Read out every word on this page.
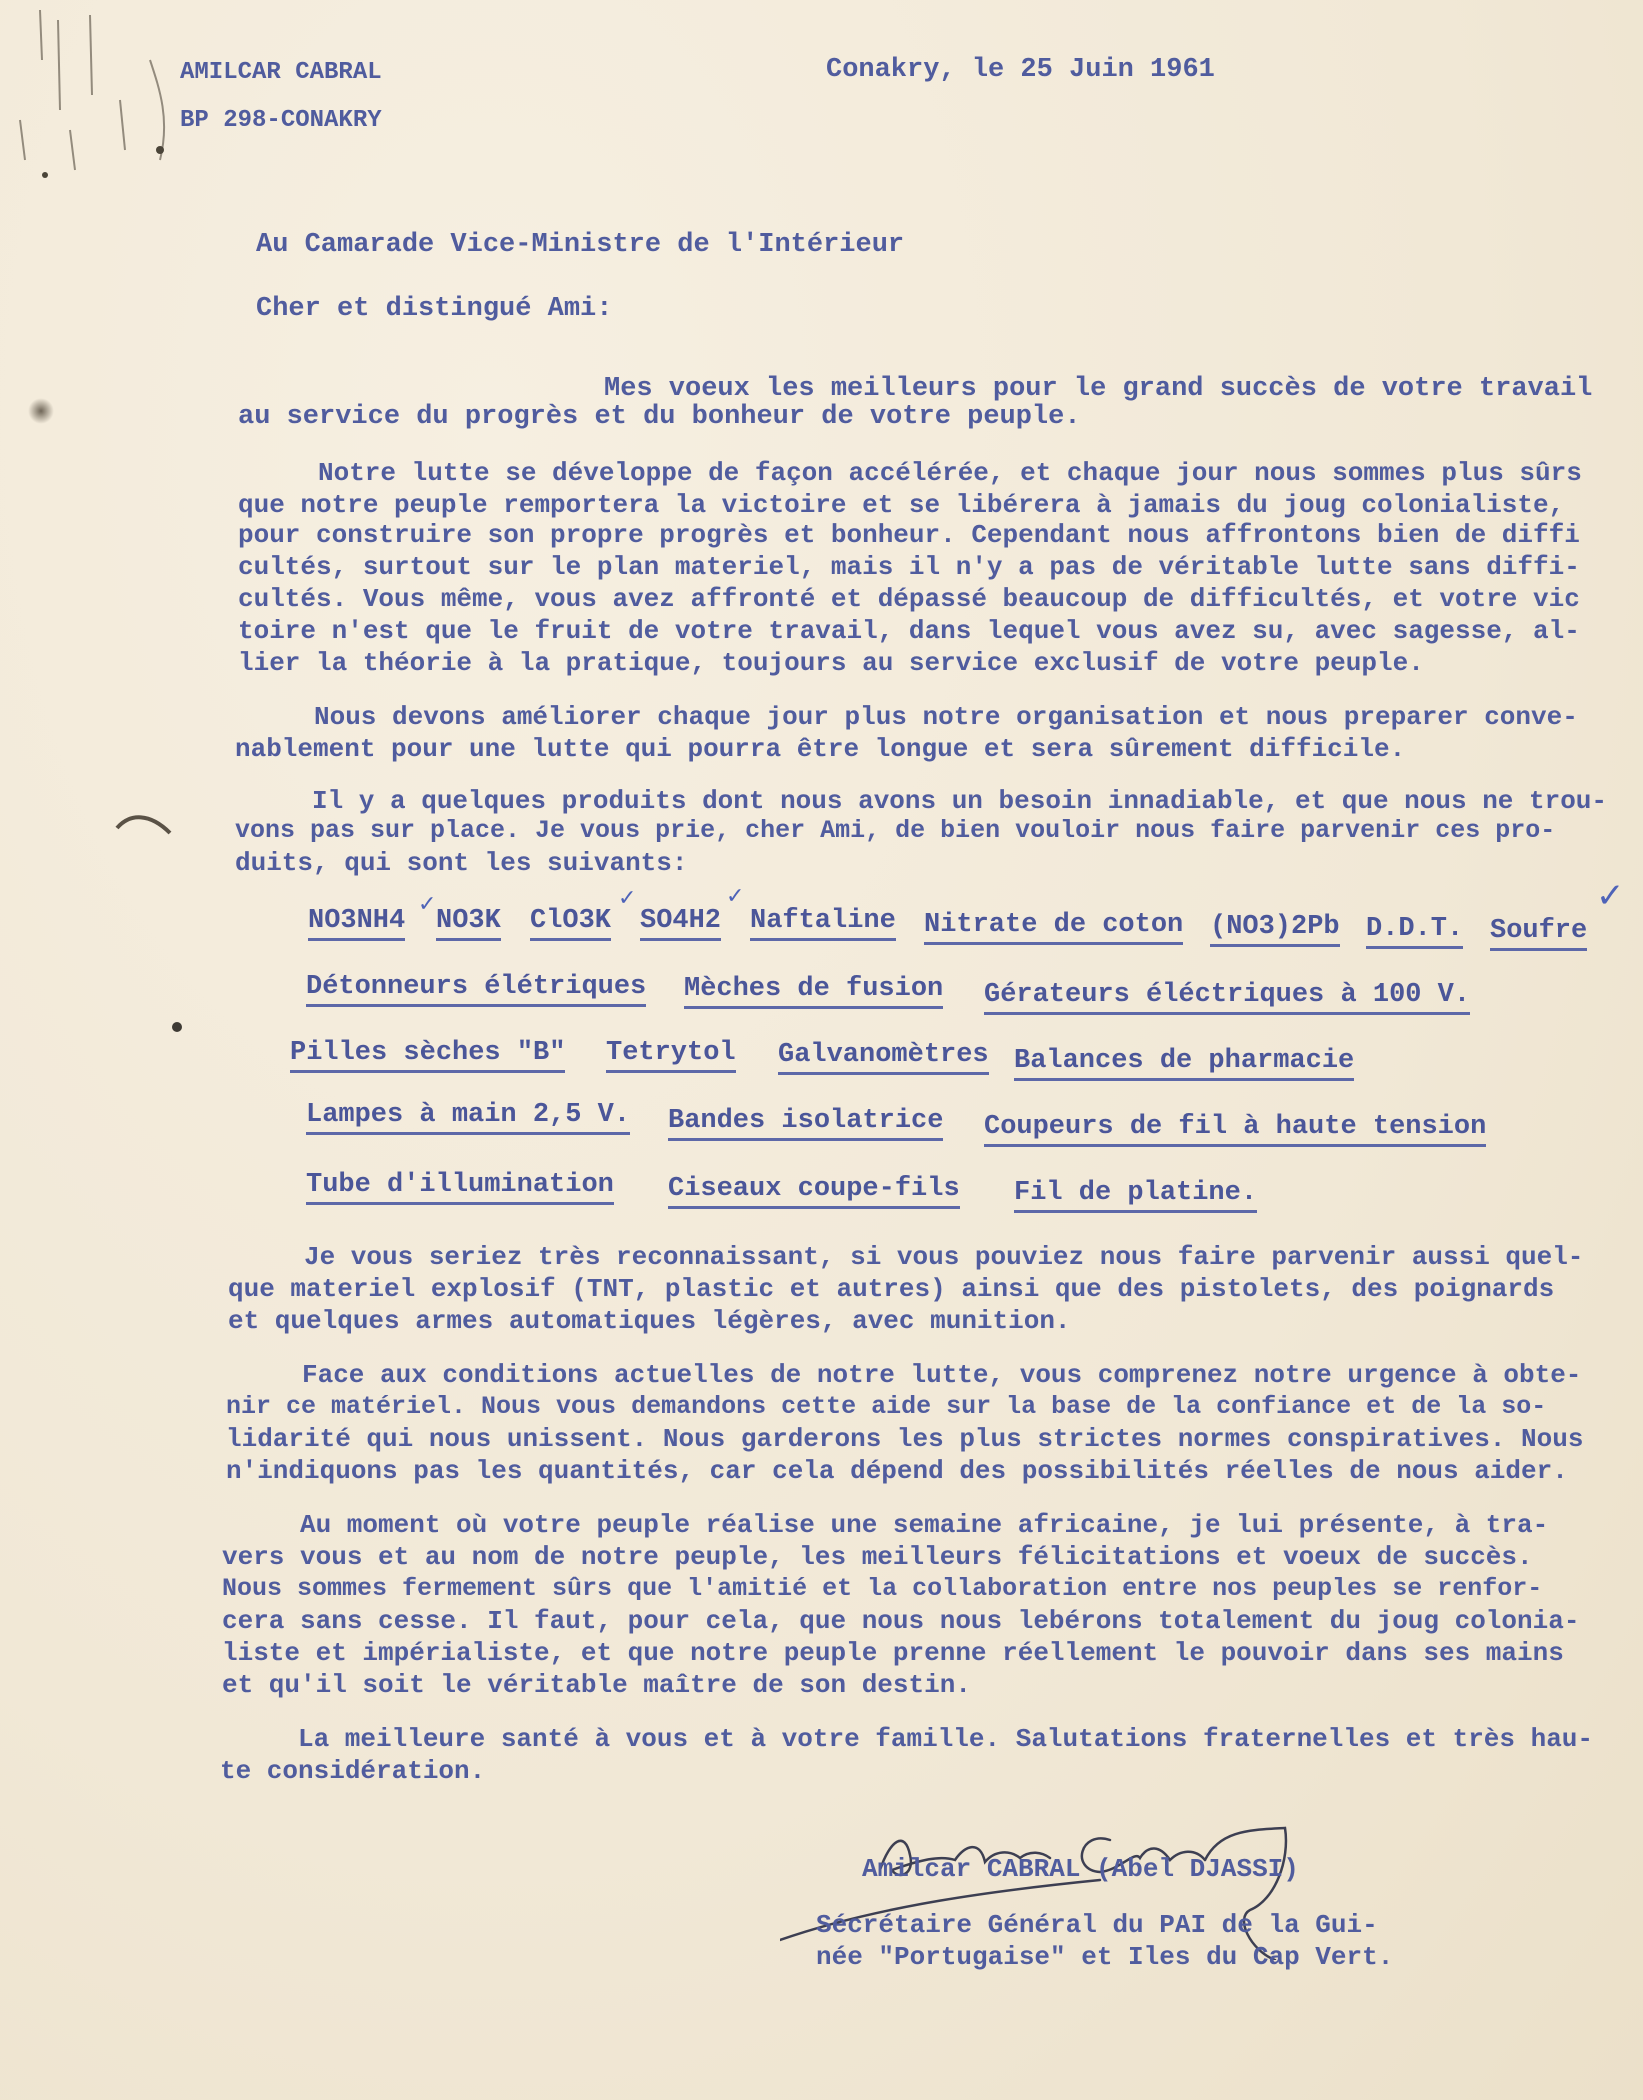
AMILCAR CABRAL
BP 298-CONAKRY
Conakry, le 25 Juin 1961
Au Camarade Vice-Ministre de l'Intérieur
Cher et distingué Ami:
Mes voeux les meilleurs pour le grand succès de votre travail
au service du progrès et du bonheur de votre peuple.
Notre lutte se développe de façon accélérée, et chaque jour nous sommes plus sûrs
que notre peuple remportera la victoire et se libérera à jamais du joug colonialiste,
pour construire son propre progrès et bonheur. Cependant nous affrontons bien de diffi
cultés, surtout sur le plan materiel, mais il n'y a pas de véritable lutte sans diffi-
cultés. Vous même, vous avez affronté et dépassé beaucoup de difficultés, et votre vic
toire n'est que le fruit de votre travail, dans lequel vous avez su, avec sagesse, al-
lier la théorie à la pratique, toujours au service exclusif de votre peuple.
Nous devons améliorer chaque jour plus notre organisation et nous preparer conve-
nablement pour une lutte qui pourra être longue et sera sûrement difficile.
Il y a quelques produits dont nous avons un besoin innadiable, et que nous ne trou-
vons pas sur place. Je vous prie, cher Ami, de bien vouloir nous faire parvenir ces pro-
duits, qui sont les suivants:
NO3NH4
✓
NO3K ClO3K
✓
SO4H2
✓
Naftaline Nitrate de coton (NO3)2Pb D.D.T. Soufre
✓
Détonneurs élétriques Mèches de fusion Gérateurs éléctriques à 100 V.
Pilles sèches "B" Tetrytol Galvanomètres Balances de pharmacie
Lampes à main 2,5 V. Bandes isolatrice Coupeurs de fil à haute tension
Tube d'illumination Ciseaux coupe-fils Fil de platine.
Je vous seriez très reconnaissant, si vous pouviez nous faire parvenir aussi quel-
que materiel explosif (TNT, plastic et autres) ainsi que des pistolets, des poignards
et quelques armes automatiques légères, avec munition.
Face aux conditions actuelles de notre lutte, vous comprenez notre urgence à obte-
nir ce matériel. Nous vous demandons cette aide sur la base de la confiance et de la so-
lidarité qui nous unissent. Nous garderons les plus strictes normes conspiratives. Nous
n'indiquons pas les quantités, car cela dépend des possibilités réelles de nous aider.
Au moment où votre peuple réalise une semaine africaine, je lui présente, à tra-
vers vous et au nom de notre peuple, les meilleurs félicitations et voeux de succès.
Nous sommes fermement sûrs que l'amitié et la collaboration entre nos peuples se renfor-
cera sans cesse. Il faut, pour cela, que nous nous lebérons totalement du joug colonia-
liste et impérialiste, et que notre peuple prenne réellement le pouvoir dans ses mains
et qu'il soit le véritable maître de son destin.
La meilleure santé à vous et à votre famille. Salutations fraternelles et très hau-
te considération.
Amilcar CABRAL (Abel DJASSI)
Sécrétaire Général du PAI de la Gui-
née "Portugaise" et Iles du Cap Vert.
